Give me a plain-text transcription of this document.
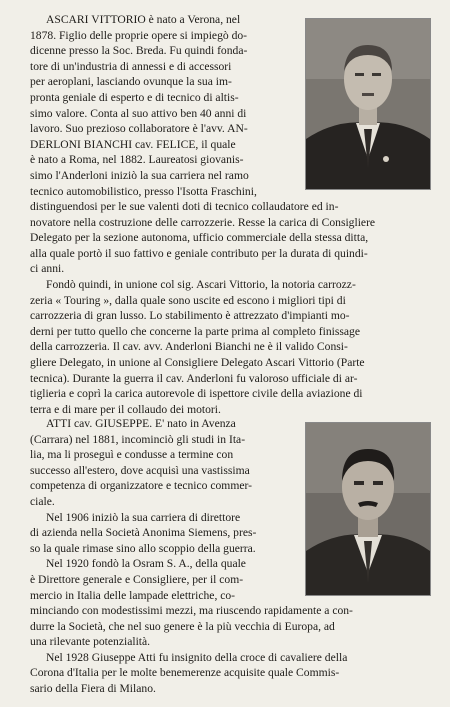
ASCARI VITTORIO è nato a Verona, nel
1878. Figlio delle proprie opere si impiegò do-
dicenne presso la Soc. Breda. Fu quindi fonda-
tore di un'industria di annessi e di accessori
per aeroplani, lasciando ovunque la sua im-
pronta geniale di esperto e di tecnico di altis-
simo valore. Conta al suo attivo ben 40 anni di
lavoro. Suo prezioso collaboratore è l'avv. AN-
DERLONI BIANCHI cav. FELICE, il quale
è nato a Roma, nel 1882. Laureatosi giovanis-
simo l'Anderloni iniziò la sua carriera nel ramo
tecnico automobilistico, presso l'Isotta Fraschini,
distinguendosi per le sue valenti doti di tecnico collaudatore ed in-
novatore nella costruzione delle carrozzerie. Resse la carica di Consigliere
Delegato per la sezione autonoma, ufficio commerciale della stessa ditta,
alla quale portò il suo fattivo e geniale contributo per la durata di quindi-
ci anni.
Fondò quindi, in unione col sig. Ascari Vittorio, la notoria carrozz-
zeria « Touring », dalla quale sono uscite ed escono i migliori tipi di
carrozzeria di gran lusso. Lo stabilimento è attrezzato d'impianti mo-
derni per tutto quello che concerne la parte prima al completo finissage
della carrozzeria. Il cav. avv. Anderloni Bianchi ne è il valido Consi-
gliere Delegato, in unione al Consigliere Delegato Ascari Vittorio (Parte
tecnica). Durante la guerra il cav. Anderloni fu valoroso ufficiale di ar-
tiglieria e coprì la carica autorevole di ispettore civile della aviazione di
terra e di mare per il collaudo dei motori.
ATTI cav. GIUSEPPE. E' nato in Avenza
(Carrara) nel 1881, incominciò gli studi in Ita-
lia, ma li proseguì e condusse a termine con
successo all'estero, dove acquisì una vastissima
competenza di organizzatore e tecnico commer-
ciale.
Nel 1906 iniziò la sua carriera di direttore
di azienda nella Società Anonima Siemens, pres-
so la quale rimase sino allo scoppio della guerra.
Nel 1920 fondò la Osram S. A., della quale
è Direttore generale e Consigliere, per il com-
mercio in Italia delle lampade elettriche, co-
minciando con modestissimi mezzi, ma riuscendo rapidamente a con-
durre la Società, che nel suo genere è la più vecchia di Europa, ad
una rilevante potenzialità.
Nel 1928 Giuseppe Atti fu insignito della croce di cavaliere della
Corona d'Italia per le molte benemerenze acquisite quale Commis-
sario della Fiera di Milano.
